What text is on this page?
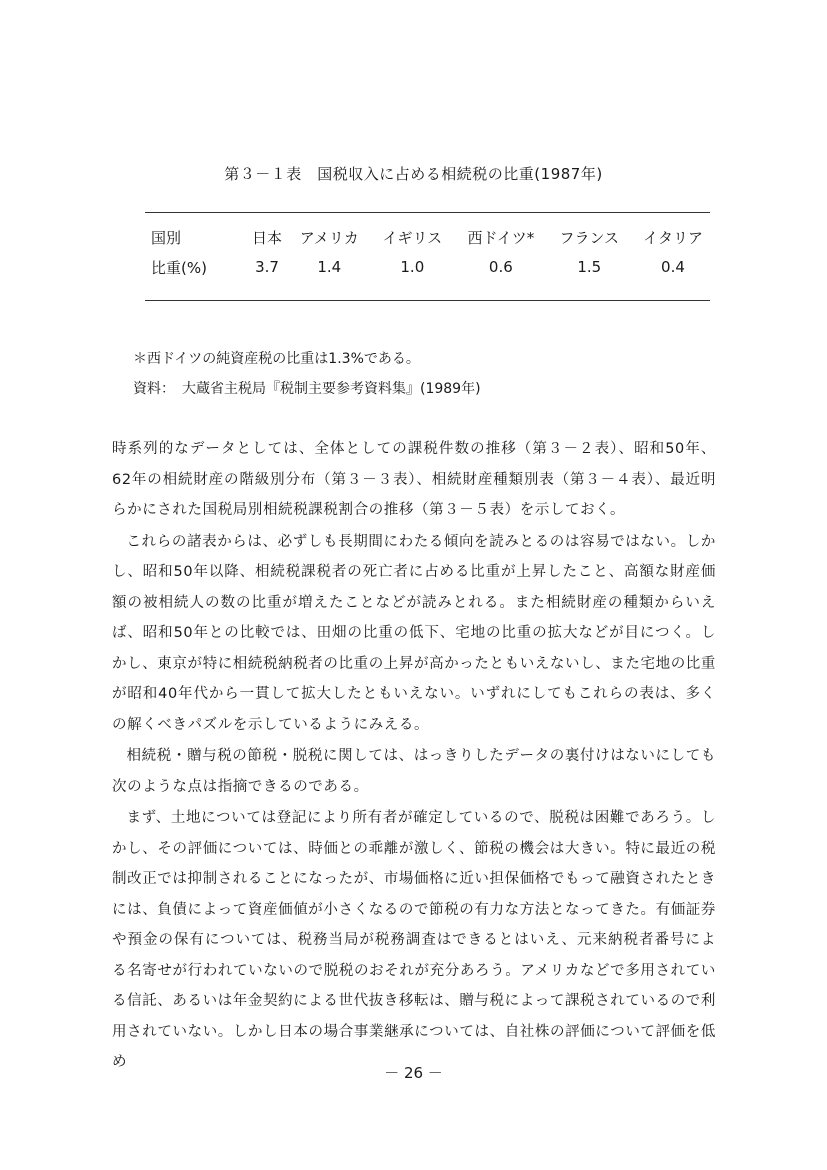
第３－１表　国税収入に占める相続税の比重(1987年)
国別	日本	アメリカ	イギリス	西ドイツ*	フランス	イタリア
比重(%)	3.7	1.4	1.0	0.6	1.5	0.4
＊西ドイツの純資産税の比重は1.3%である。
資料：　大蔵省主税局『税制主要参考資料集』(1989年)

時系列的なデータとしては、全体としての課税件数の推移（第３－２表）、昭和50年、62年の相続財産の階級別分布（第３－３表）、相続財産種類別表（第３－４表）、最近明らかにされた国税局別相続税課税割合の推移（第３－５表）を示しておく。

これらの諸表からは、必ずしも長期間にわたる傾向を読みとるのは容易ではない。しかし、昭和50年以降、相続税課税者の死亡者に占める比重が上昇したこと、高額な財産価額の被相続人の数の比重が増えたことなどが読みとれる。また相続財産の種類からいえば、昭和50年との比較では、田畑の比重の低下、宅地の比重の拡大などが目につく。しかし、東京が特に相続税納税者の比重の上昇が高かったともいえないし、また宅地の比重が昭和40年代から一貫して拡大したともいえない。いずれにしてもこれらの表は、多くの解くべきパズルを示しているようにみえる。

相続税・贈与税の節税・脱税に関しては、はっきりしたデータの裏付けはないにしても次のような点は指摘できるのである。

まず、土地については登記により所有者が確定しているので、脱税は困難であろう。しかし、その評価については、時価との乖離が激しく、節税の機会は大きい。特に最近の税制改正では抑制されることになったが、市場価格に近い担保価格でもって融資されたときには、負債によって資産価値が小さくなるので節税の有力な方法となってきた。有価証券や預金の保有については、税務当局が税務調査はできるとはいえ、元来納税者番号による名寄せが行われていないので脱税のおそれが充分あろう。アメリカなどで多用されている信託、あるいは年金契約による世代抜き移転は、贈与税によって課税されているので利用されていない。しかし日本の場合事業継承については、自社株の評価について評価を低め

－ 26 －
